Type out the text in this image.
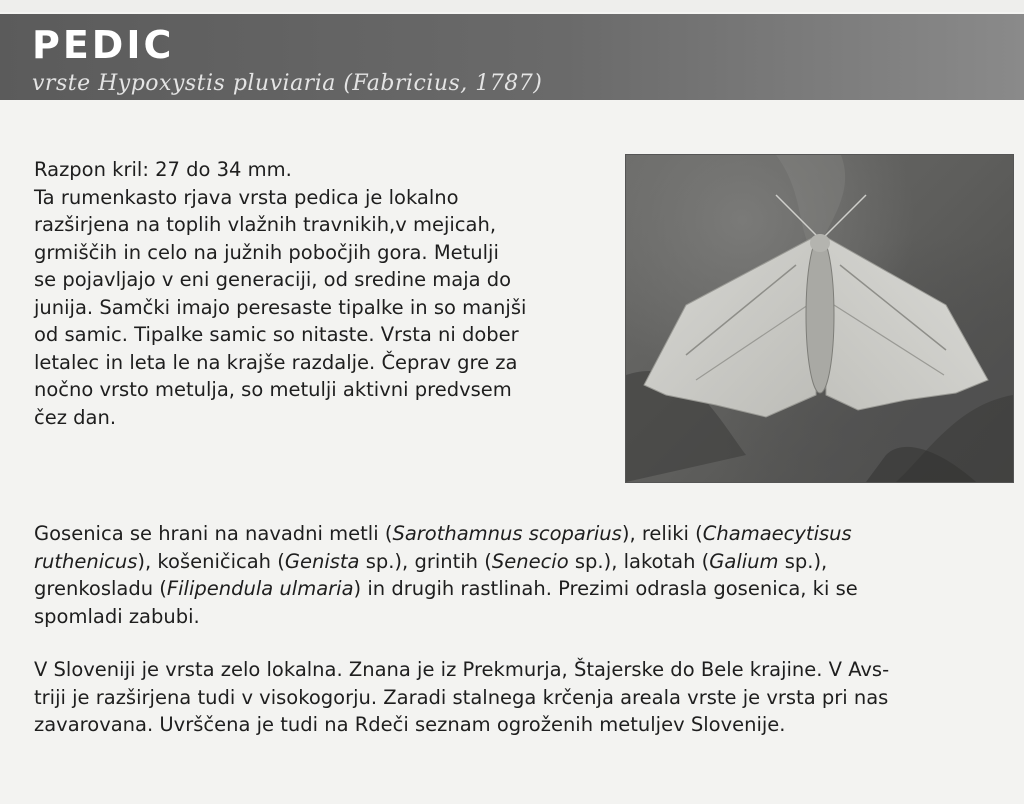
PEDIC
vrste Hypoxystis pluviaria (Fabricius, 1787)
Razpon kril: 27 do 34 mm.
Ta rumenkasto rjava vrsta pedica je lokalno
razširjena na toplih vlažnih travnikih,v mejicah,
grmiščih in celo na južnih pobočjih gora. Metulji
se pojavljajo v eni generaciji, od sredine maja do
junija. Samčki imajo peresaste tipalke in so manjši
od samic. Tipalke samic so nitaste. Vrsta ni dober
letalec in leta le na krajše razdalje. Čeprav gre za
nočno vrsto metulja, so metulji aktivni predvsem
čez dan.
Gosenica se hrani na navadni metli (Sarothamnus scoparius), reliki (Chamaecytisus
ruthenicus), košeničicah (Genista sp.), grintih (Senecio sp.), lakotah (Galium sp.),
grenkosladu (Filipendula ulmaria) in drugih rastlinah. Prezimi odrasla gosenica, ki se
spomladi zabubi.
V Sloveniji je vrsta zelo lokalna. Znana je iz Prekmurja, Štajerske do Bele krajine. V Avs-
triji je razširjena tudi v visokogorju. Zaradi stalnega krčenja areala vrste je vrsta pri nas
zavarovana. Uvrščena je tudi na Rdeči seznam ogroženih metuljev Slovenije.
